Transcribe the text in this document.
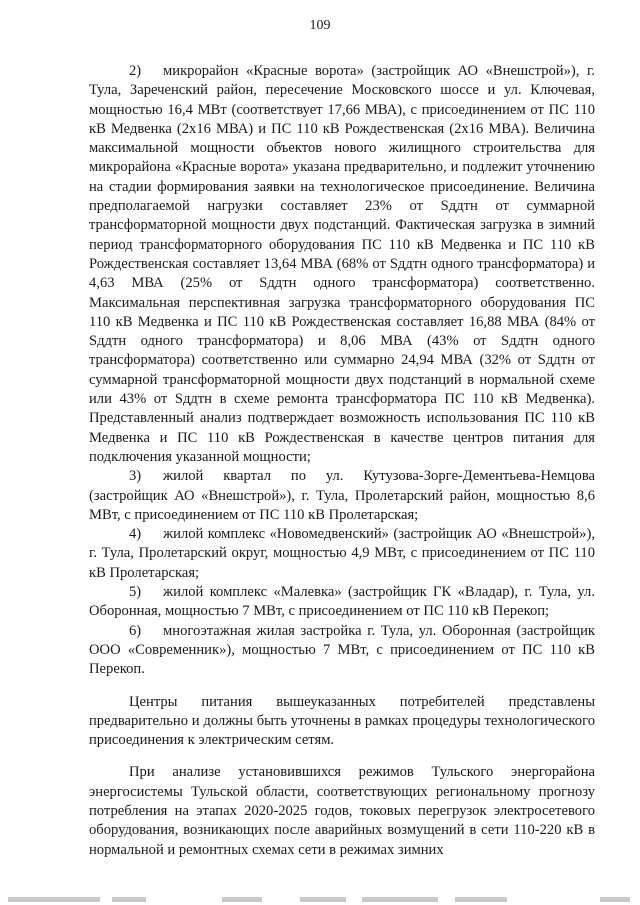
109

2)  микрорайон «Красные ворота» (застройщик АО «Внешстрой»), г. Тула, Зареченский район, пересечение Московского шоссе и ул. Ключевая, мощностью 16,4 МВт (соответствует 17,66 МВА), с присоединением от ПС 110 кВ Медвенка (2х16 МВА) и ПС 110 кВ Рождественская (2х16 МВА). Величина максимальной мощности объектов нового жилищного строительства для микрорайона «Красные ворота» указана предварительно, и подлежит уточнению на стадии формирования заявки на технологическое присоединение. Величина предполагаемой нагрузки составляет 23% от Sддтн от суммарной трансформаторной мощности двух подстанций. Фактическая загрузка в зимний период трансформаторного оборудования ПС 110 кВ Медвенка и ПС 110 кВ Рождественская составляет 13,64 МВА (68% от Sддтн одного трансформатора) и 4,63 МВА (25% от Sддтн одного трансформатора) соответственно. Максимальная перспективная загрузка трансформаторного оборудования ПС 110 кВ Медвенка и ПС 110 кВ Рождественская составляет 16,88 МВА (84% от Sддтн одного трансформатора) и 8,06 МВА (43% от Sддтн одного трансформатора) соответственно или суммарно 24,94 МВА (32% от Sддтн от суммарной трансформаторной мощности двух подстанций в нормальной схеме или 43% от Sддтн в схеме ремонта трансформатора ПС 110 кВ Медвенка). Представленный анализ подтверждает возможность использования ПС 110 кВ Медвенка и ПС 110 кВ Рождественская в качестве центров питания для подключения указанной мощности;

3)  жилой квартал по ул. Кутузова-Зорге-Дементьева-Немцова (застройщик АО «Внешстрой»), г. Тула, Пролетарский район, мощностью 8,6 МВт, с присоединением от ПС 110 кВ Пролетарская;

4)  жилой комплекс «Новомедвенский» (застройщик АО «Внешстрой»), г. Тула, Пролетарский округ, мощностью 4,9 МВт, с присоединением от ПС 110 кВ Пролетарская;

5)  жилой комплекс «Малевка» (застройщик ГК «Владар), г. Тула, ул. Оборонная, мощностью 7 МВт, с присоединением от ПС 110 кВ Перекоп;

6)  многоэтажная жилая застройка г. Тула, ул. Оборонная (застройщик ООО «Современник»), мощностью 7 МВт, с присоединением от ПС 110 кВ Перекоп.

Центры питания вышеуказанных потребителей представлены предварительно и должны быть уточнены в рамках процедуры технологического присоединения к электрическим сетям.

При анализе установившихся режимов Тульского энергорайона энергосистемы Тульской области, соответствующих региональному прогнозу потребления на этапах 2020-2025 годов, токовых перегрузок электросетевого оборудования, возникающих после аварийных возмущений в сети 110-220 кВ в нормальной и ремонтных схемах сети в режимах зимних
